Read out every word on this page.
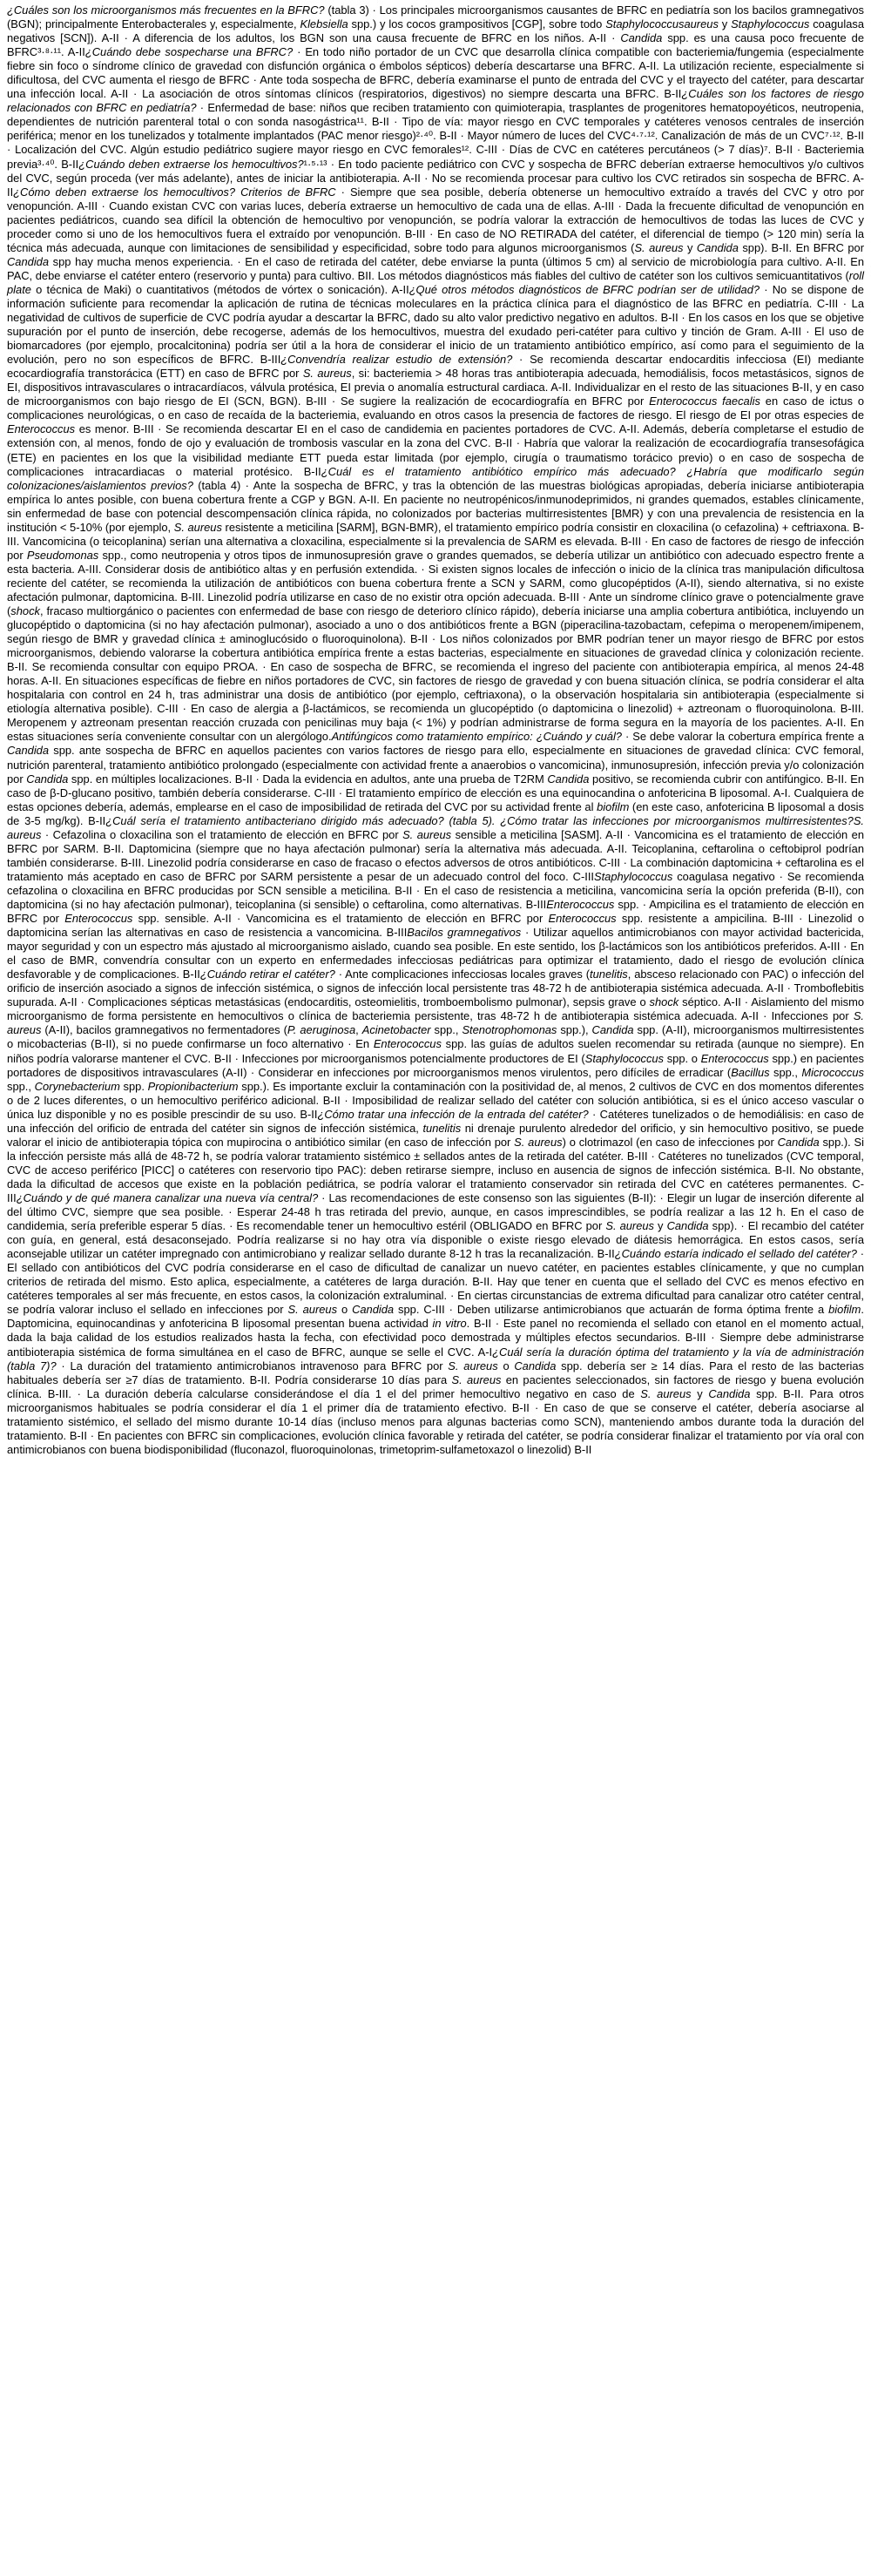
¿Cuáles son los microorganismos más frecuentes en la BFRC? (tabla 3) · Los principales microorganismos causantes de BFRC en pediatría son los bacilos gramnegativos (BGN); principalmente Enterobacterales y, especialmente, Klebsiella spp.) y los cocos grampositivos [CGP], sobre todo Staphylococcusaureus y Staphylococcus coagulasa negativos [SCN]). A-II · A diferencia de los adultos, los BGN son una causa frecuente de BFRC en los niños. A-II · Candida spp. es una causa poco frecuente de BFRC³·⁸·¹¹. A-II¿Cuándo debe sospecharse una BFRC? · En todo niño portador de un CVC que desarrolla clínica compatible con bacteriemia/fungemia (especialmente fiebre sin foco o síndrome clínico de gravedad con disfunción orgánica o émbolos sépticos) debería descartarse una BFRC. A-II. La utilización reciente, especialmente si dificultosa, del CVC aumenta el riesgo de BFRC · Ante toda sospecha de BFRC, debería examinarse el punto de entrada del CVC y el trayecto del catéter, para descartar una infección local. A-II · La asociación de otros síntomas clínicos (respiratorios, digestivos) no siempre descarta una BFRC. B-II¿Cuáles son los factores de riesgo relacionados con BFRC en pediatría? · Enfermedad de base: niños que reciben tratamiento con quimioterapia, trasplantes de progenitores hematopoyéticos, neutropenia, dependientes de nutrición parenteral total o con sonda nasogástrica¹¹. B-II · Tipo de vía: mayor riesgo en CVC temporales y catéteres venosos centrales de inserción periférica; menor en los tunelizados y totalmente implantados (PAC menor riesgo)²·⁴⁰. B-II · Mayor número de luces del CVC⁴·⁷·¹². Canalización de más de un CVC⁷·¹². B-II · Localización del CVC. Algún estudio pediátrico sugiere mayor riesgo en CVC femorales¹². C-III · Días de CVC en catéteres percutáneos (> 7 días)⁷. B-II · Bacteriemia previa³·⁴⁰. B-II¿Cuándo deben extraerse los hemocultivos?¹·⁵·¹³ · En todo paciente pediátrico con CVC y sospecha de BFRC deberían extraerse hemocultivos y/o cultivos del CVC, según proceda (ver más adelante), antes de iniciar la antibioterapia. A-II · No se recomienda procesar para cultivo los CVC retirados sin sospecha de BFRC. A-II¿Cómo deben extraerse los hemocultivos? Criterios de BFRC · Siempre que sea posible, debería obtenerse un hemocultivo extraído a través del CVC y otro por venopunción. A-III · Cuando existan CVC con varias luces, debería extraerse un hemocultivo de cada una de ellas. A-III · Dada la frecuente dificultad de venopunción en pacientes pediátricos, cuando sea difícil la obtención de hemocultivo por venopunción, se podría valorar la extracción de hemocultivos de todas las luces de CVC y proceder como si uno de los hemocultivos fuera el extraído por venopunción. B-III · En caso de NO RETIRADA del catéter, el diferencial de tiempo (> 120 min) sería la técnica más adecuada, aunque con limitaciones de sensibilidad y especificidad, sobre todo para algunos microorganismos (S. aureus y Candida spp). B-II. En BFRC por Candida spp hay mucha menos experiencia. · En el caso de retirada del catéter, debe enviarse la punta (últimos 5 cm) al servicio de microbiología para cultivo. A-II. En PAC, debe enviarse el catéter entero (reservorio y punta) para cultivo. BII. Los métodos diagnósticos más fiables del cultivo de catéter son los cultivos semicuantitativos (roll plate o técnica de Maki) o cuantitativos (métodos de vórtex o sonicación). A-II¿Qué otros métodos diagnósticos de BFRC podrían ser de utilidad? · No se dispone de información suficiente para recomendar la aplicación de rutina de técnicas moleculares en la práctica clínica para el diagnóstico de las BFRC en pediatría. C-III · La negatividad de cultivos de superficie de CVC podría ayudar a descartar la BFRC, dado su alto valor predictivo negativo en adultos. B-II · En los casos en los que se objetive supuración por el punto de inserción, debe recogerse, además de los hemocultivos, muestra del exudado peri-catéter para cultivo y tinción de Gram. A-III · El uso de biomarcadores (por ejemplo, procalcitonina) podría ser útil a la hora de considerar el inicio de un tratamiento antibiótico empírico, así como para el seguimiento de la evolución, pero no son específicos de BFRC. B-III¿Convendría realizar estudio de extensión? · Se recomienda descartar endocarditis infecciosa (EI) mediante ecocardiografía transtorácica (ETT) en caso de BFRC por S. aureus, si: bacteriemia > 48 horas tras antibioterapia adecuada, hemodiálisis, focos metastásicos, signos de EI, dispositivos intravasculares o intracardíacos, válvula protésica, EI previa o anomalía estructural cardiaca. A-II. Individualizar en el resto de las situaciones B-II, y en caso de microorganismos con bajo riesgo de EI (SCN, BGN). B-III · Se sugiere la realización de ecocardiografía en BFRC por Enterococcus faecalis en caso de ictus o complicaciones neurológicas, o en caso de recaída de la bacteriemia, evaluando en otros casos la presencia de factores de riesgo. El riesgo de EI por otras especies de Enterococcus es menor. B-III · Se recomienda descartar EI en el caso de candidemia en pacientes portadores de CVC. A-II. Además, debería completarse el estudio de extensión con, al menos, fondo de ojo y evaluación de trombosis vascular en la zona del CVC. B-II · Habría que valorar la realización de ecocardiografía transesofágica (ETE) en pacientes en los que la visibilidad mediante ETT pueda estar limitada (por ejemplo, cirugía o traumatismo torácico previo) o en caso de sospecha de complicaciones intracardiacas o material protésico. B-II¿Cuál es el tratamiento antibiótico empírico más adecuado? ¿Habría que modificarlo según colonizaciones/aislamientos previos? (tabla 4) · Ante la sospecha de BFRC, y tras la obtención de las muestras biológicas apropiadas, debería iniciarse antibioterapia empírica lo antes posible, con buena cobertura frente a CGP y BGN. A-II. En paciente no neutropénicos/inmunodeprimidos, ni grandes quemados, estables clínicamente, sin enfermedad de base con potencial descompensación clínica rápida, no colonizados por bacterias multirresistentes [BMR) y con una prevalencia de resistencia en la institución < 5-10% (por ejemplo, S. aureus resistente a meticilina [SARM], BGN-BMR), el tratamiento empírico podría consistir en cloxacilina (o cefazolina) + ceftriaxona. B-III. Vancomicina (o teicoplanina) serían una alternativa a cloxacilina, especialmente si la prevalencia de SARM es elevada. B-III · En caso de factores de riesgo de infección por Pseudomonas spp., como neutropenia y otros tipos de inmunosupresión grave o grandes quemados, se debería utilizar un antibiótico con adecuado espectro frente a esta bacteria. A-III. Considerar dosis de antibiótico altas y en perfusión extendida. · Si existen signos locales de infección o inicio de la clínica tras manipulación dificultosa reciente del catéter, se recomienda la utilización de antibióticos con buena cobertura frente a SCN y SARM, como glucopéptidos (A-II), siendo alternativa, si no existe afectación pulmonar, daptomicina. B-III. Linezolid podría utilizarse en caso de no existir otra opción adecuada. B-III · Ante un síndrome clínico grave o potencialmente grave (shock, fracaso multiorgánico o pacientes con enfermedad de base con riesgo de deterioro clínico rápido), debería iniciarse una amplia cobertura antibiótica, incluyendo un glucopéptido o daptomicina (si no hay afectación pulmonar), asociado a uno o dos antibióticos frente a BGN (piperacilina-tazobactam, cefepima o meropenem/imipenem, según riesgo de BMR y gravedad clínica ± aminoglucósido o fluoroquinolona). B-II · Los niños colonizados por BMR podrían tener un mayor riesgo de BFRC por estos microorganismos, debiendo valorarse la cobertura antibiótica empírica frente a estas bacterias, especialmente en situaciones de gravedad clínica y colonización reciente. B-II. Se recomienda consultar con equipo PROA. · En caso de sospecha de BFRC, se recomienda el ingreso del paciente con antibioterapia empírica, al menos 24-48 horas. A-II. En situaciones específicas de fiebre en niños portadores de CVC, sin factores de riesgo de gravedad y con buena situación clínica, se podría considerar el alta hospitalaria con control en 24 h, tras administrar una dosis de antibiótico (por ejemplo, ceftriaxona), o la observación hospitalaria sin antibioterapia (especialmente si etiología alternativa posible). C-III · En caso de alergia a β-lactámicos, se recomienda un glucopéptido (o daptomicina o linezolid) + aztreonam o fluoroquinolona. B-III. Meropenem y aztreonam presentan reacción cruzada con penicilinas muy baja (< 1%) y podrían administrarse de forma segura en la mayoría de los pacientes. A-II. En estas situaciones sería conveniente consultar con un alergólogo.Antifúngicos como tratamiento empírico: ¿Cuándo y cuál? · Se debe valorar la cobertura empírica frente a Candida spp. ante sospecha de BFRC en aquellos pacientes con varios factores de riesgo para ello, especialmente en situaciones de gravedad clínica: CVC femoral, nutrición parenteral, tratamiento antibiótico prolongado (especialmente con actividad frente a anaerobios o vancomicina), inmunosupresión, infección previa y/o colonización por Candida spp. en múltiples localizaciones. B-II · Dada la evidencia en adultos, ante una prueba de T2RM Candida positivo, se recomienda cubrir con antifúngico. B-II. En caso de β-D-glucano positivo, también debería considerarse. C-III · El tratamiento empírico de elección es una equinocandina o anfotericina B liposomal. A-I. Cualquiera de estas opciones debería, además, emplearse en el caso de imposibilidad de retirada del CVC por su actividad frente al biofilm (en este caso, anfotericina B liposomal a dosis de 3-5 mg/kg). B-II¿Cuál sería el tratamiento antibacteriano dirigido más adecuado? (tabla 5). ¿Cómo tratar las infecciones por microorganismos multirresistentes?S. aureus · Cefazolina o cloxacilina son el tratamiento de elección en BFRC por S. aureus sensible a meticilina [SASM]. A-II · Vancomicina es el tratamiento de elección en BFRC por SARM. B-II. Daptomicina (siempre que no haya afectación pulmonar) sería la alternativa más adecuada. A-II. Teicoplanina, ceftarolina o ceftobiprol podrían también considerarse. B-III. Linezolid podría considerarse en caso de fracaso o efectos adversos de otros antibióticos. C-III · La combinación daptomicina + ceftarolina es el tratamiento más aceptado en caso de BFRC por SARM persistente a pesar de un adecuado control del foco. C-IIIStaphylococcus coagulasa negativo · Se recomienda cefazolina o cloxacilina en BFRC producidas por SCN sensible a meticilina. B-II · En el caso de resistencia a meticilina, vancomicina sería la opción preferida (B-II), con daptomicina (si no hay afectación pulmonar), teicoplanina (si sensible) o ceftarolina, como alternativas. B-IIIEnterococcus spp. · Ampicilina es el tratamiento de elección en BFRC por Enterococcus spp. sensible. A-II · Vancomicina es el tratamiento de elección en BFRC por Enterococcus spp. resistente a ampicilina. B-III · Linezolid o daptomicina serían las alternativas en caso de resistencia a vancomicina. B-IIIBacilos gramnegativos · Utilizar aquellos antimicrobianos con mayor actividad bactericida, mayor seguridad y con un espectro más ajustado al microorganismo aislado, cuando sea posible. En este sentido, los β-lactámicos son los antibióticos preferidos. A-III · En el caso de BMR, convendría consultar con un experto en enfermedades infecciosas pediátricas para optimizar el tratamiento, dado el riesgo de evolución clínica desfavorable y de complicaciones. B-II¿Cuándo retirar el catéter? · Ante complicaciones infecciosas locales graves (tunelitis, absceso relacionado con PAC) o infección del orificio de inserción asociado a signos de infección sistémica, o signos de infección local persistente tras 48-72 h de antibioterapia sistémica adecuada. A-II · Tromboflebitis supurada. A-II · Complicaciones sépticas metastásicas (endocarditis, osteomielitis, tromboembolismo pulmonar), sepsis grave o shock séptico. A-II · Aislamiento del mismo microorganismo de forma persistente en hemocultivos o clínica de bacteriemia persistente, tras 48-72 h de antibioterapia sistémica adecuada. A-II · Infecciones por S. aureus (A-II), bacilos gramnegativos no fermentadores (P. aeruginosa, Acinetobacter spp., Stenotrophomonas spp.), Candida spp. (A-II), microorganismos multirresistentes o micobacterias (B-II), si no puede confirmarse un foco alternativo · En Enterococcus spp. las guías de adultos suelen recomendar su retirada (aunque no siempre). En niños podría valorarse mantener el CVC. B-II · Infecciones por microorganismos potencialmente productores de EI (Staphylococcus spp. o Enterococcus spp.) en pacientes portadores de dispositivos intravasculares (A-II) · Considerar en infecciones por microorganismos menos virulentos, pero difíciles de erradicar (Bacillus spp., Micrococcus spp., Corynebacterium spp. Propionibacterium spp.). Es importante excluir la contaminación con la positividad de, al menos, 2 cultivos de CVC en dos momentos diferentes o de 2 luces diferentes, o un hemocultivo periférico adicional. B-II · Imposibilidad de realizar sellado del catéter con solución antibiótica, si es el único acceso vascular o única luz disponible y no es posible prescindir de su uso. B-II¿Cómo tratar una infección de la entrada del catéter? · Catéteres tunelizados o de hemodiálisis: en caso de una infección del orificio de entrada del catéter sin signos de infección sistémica, tunelitis ni drenaje purulento alrededor del orificio, y sin hemocultivo positivo, se puede valorar el inicio de antibioterapia tópica con mupirocina o antibiótico similar (en caso de infección por S. aureus) o clotrimazol (en caso de infecciones por Candida spp.). Si la infección persiste más allá de 48-72 h, se podría valorar tratamiento sistémico ± sellados antes de la retirada del catéter. B-III · Catéteres no tunelizados (CVC temporal, CVC de acceso periférico [PICC] o catéteres con reservorio tipo PAC): deben retirarse siempre, incluso en ausencia de signos de infección sistémica. B-II. No obstante, dada la dificultad de accesos que existe en la población pediátrica, se podría valorar el tratamiento conservador sin retirada del CVC en catéteres permanentes. C-III¿Cuándo y de qué manera canalizar una nueva vía central? · Las recomendaciones de este consenso son las siguientes (B-II): · Elegir un lugar de inserción diferente al del último CVC, siempre que sea posible. · Esperar 24-48 h tras retirada del previo, aunque, en casos imprescindibles, se podría realizar a las 12 h. En el caso de candidemia, sería preferible esperar 5 días. · Es recomendable tener un hemocultivo estéril (OBLIGADO en BFRC por S. aureus y Candida spp). · El recambio del catéter con guía, en general, está desaconsejado. Podría realizarse si no hay otra vía disponible o existe riesgo elevado de diátesis hemorrágica. En estos casos, sería aconsejable utilizar un catéter impregnado con antimicrobiano y realizar sellado durante 8-12 h tras la recanalización. B-II¿Cuándo estaría indicado el sellado del catéter? · El sellado con antibióticos del CVC podría considerarse en el caso de dificultad de canalizar un nuevo catéter, en pacientes estables clínicamente, y que no cumplan criterios de retirada del mismo. Esto aplica, especialmente, a catéteres de larga duración. B-II. Hay que tener en cuenta que el sellado del CVC es menos efectivo en catéteres temporales al ser más frecuente, en estos casos, la colonización extraluminal. · En ciertas circunstancias de extrema dificultad para canalizar otro catéter central, se podría valorar incluso el sellado en infecciones por S. aureus o Candida spp. C-III · Deben utilizarse antimicrobianos que actuarán de forma óptima frente a biofilm. Daptomicina, equinocandinas y anfotericina B liposomal presentan buena actividad in vitro. B-II · Este panel no recomienda el sellado con etanol en el momento actual, dada la baja calidad de los estudios realizados hasta la fecha, con efectividad poco demostrada y múltiples efectos secundarios. B-III · Siempre debe administrarse antibioterapia sistémica de forma simultánea en el caso de BFRC, aunque se selle el CVC. A-I¿Cuál sería la duración óptima del tratamiento y la vía de administración (tabla 7)? · La duración del tratamiento antimicrobianos intravenoso para BFRC por S. aureus o Candida spp. debería ser ≥ 14 días. Para el resto de las bacterias habituales debería ser ≥7 días de tratamiento. B-II. Podría considerarse 10 días para S. aureus en pacientes seleccionados, sin factores de riesgo y buena evolución clínica. B-III. · La duración debería calcularse considerándose el día 1 el del primer hemocultivo negativo en caso de S. aureus y Candida spp. B-II. Para otros microorganismos habituales se podría considerar el día 1 el primer día de tratamiento efectivo. B-II · En caso de que se conserve el catéter, debería asociarse al tratamiento sistémico, el sellado del mismo durante 10-14 días (incluso menos para algunas bacterias como SCN), manteniendo ambos durante toda la duración del tratamiento. B-II · En pacientes con BFRC sin complicaciones, evolución clínica favorable y retirada del catéter, se podría considerar finalizar el tratamiento por vía oral con antimicrobianos con buena biodisponibilidad (fluconazol, fluoroquinolonas, trimetoprim-sulfametoxazol o linezolid) B-II
